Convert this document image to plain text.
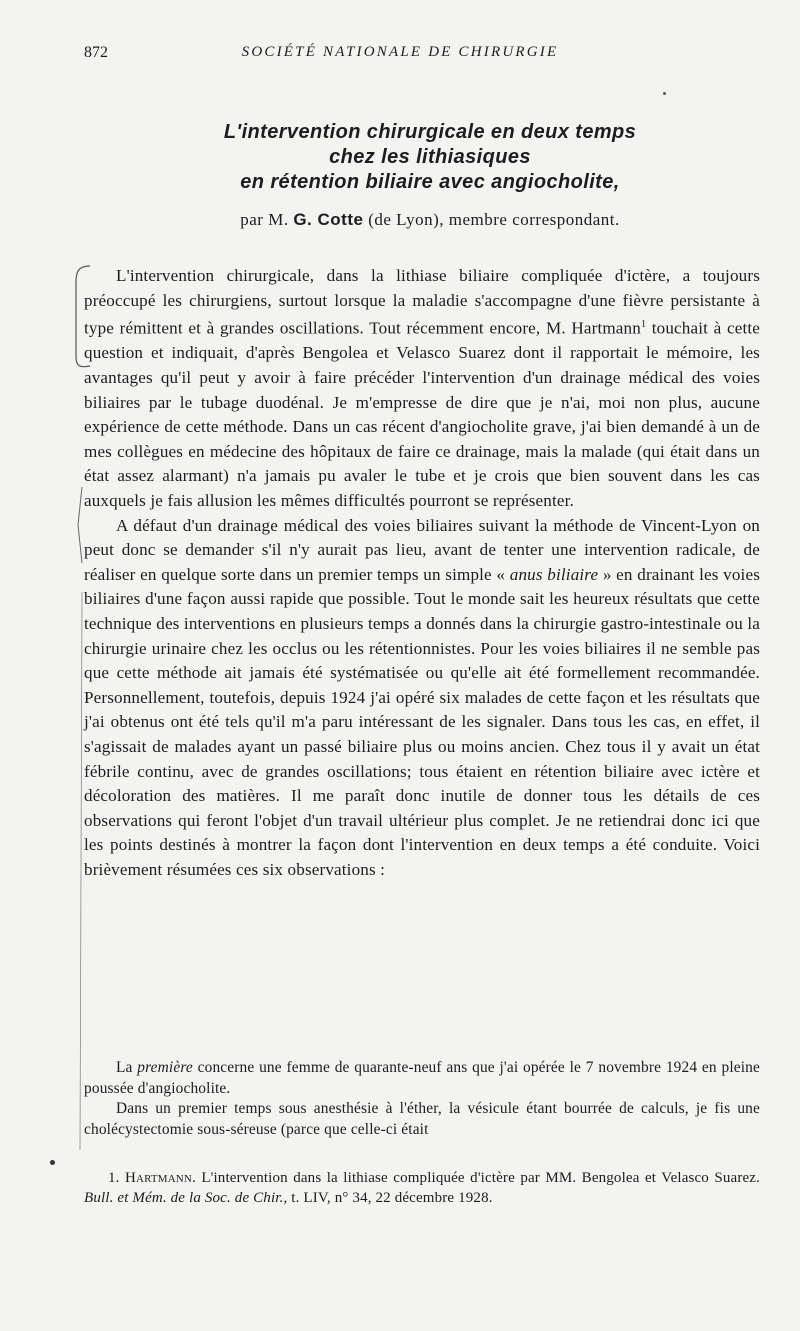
872	SOCIÉTÉ NATIONALE DE CHIRURGIE
L'intervention chirurgicale en deux temps
chez les lithiasiques
en rétention biliaire avec angiocholite,
par M. G. Cotte (de Lyon), membre correspondant.

L'intervention chirurgicale, dans la lithiase biliaire compliquée d'ictère, a toujours préoccupé les chirurgiens, surtout lorsque la maladie s'accompagne d'une fièvre persistante à type rémittent et à grandes oscillations. Tout récemment encore, M. Hartmann$^1$ touchait à cette question et indiquait, d'après Bengolea et Velasco Suarez dont il rapportait le mémoire, les avantages qu'il peut y avoir à faire précéder l'intervention d'un drainage médical des voies biliaires par le tubage duodénal. Je m'empresse de dire que je n'ai, moi non plus, aucune expérience de cette méthode. Dans un cas récent d'angiocholite grave, j'ai bien demandé à un de mes collègues en médecine des hôpitaux de faire ce drainage, mais la malade (qui était dans un état assez alarmant) n'a jamais pu avaler le tube et je crois que bien souvent dans les cas auxquels je fais allusion les mêmes difficultés pourront se représenter.

A défaut d'un drainage médical des voies biliaires suivant la méthode de Vincent-Lyon on peut donc se demander s'il n'y aurait pas lieu, avant de tenter une intervention radicale, de réaliser en quelque sorte dans un premier temps un simple « anus biliaire » en drainant les voies biliaires d'une façon aussi rapide que possible. Tout le monde sait les heureux résultats que cette technique des interventions en plusieurs temps a donnés dans la chirurgie gastro-intestinale ou la chirurgie urinaire chez les occlus ou les rétentionnistes. Pour les voies biliaires il ne semble pas que cette méthode ait jamais été systématisée ou qu'elle ait été formellement recommandée. Personnellement, toutefois, depuis 1924 j'ai opéré six malades de cette façon et les résultats que j'ai obtenus ont été tels qu'il m'a paru intéressant de les signaler. Dans tous les cas, en effet, il s'agissait de malades ayant un passé biliaire plus ou moins ancien. Chez tous il y avait un état fébrile continu, avec de grandes oscillations; tous étaient en rétention biliaire avec ictère et décoloration des matières. Il me paraît donc inutile de donner tous les détails de ces observations qui feront l'objet d'un travail ultérieur plus complet. Je ne retiendrai donc ici que les points destinés à montrer la façon dont l'intervention en deux temps a été conduite. Voici brièvement résumées ces six observations :

La première concerne une femme de quarante-neuf ans que j'ai opérée le 7 novembre 1924 en pleine poussée d'angiocholite.

Dans un premier temps sous anesthésie à l'éther, la vésicule étant bourrée de calculs, je fis une cholécystectomie sous-séreuse (parce que celle-ci était

1. Hartmann. L'intervention dans la lithiase compliquée d'ictère par MM. Bengolea et Velasco Suarez. Bull. et Mém. de la Soc. de Chir., t. LIV, n° 34, 22 décembre 1928.
